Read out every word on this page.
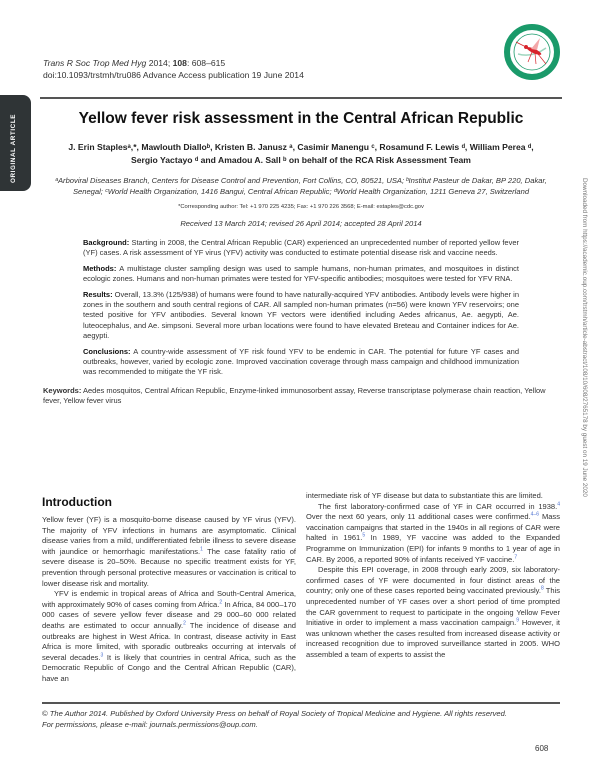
Trans R Soc Trop Med Hyg 2014; 108: 608–615
doi:10.1093/trstmh/tru086 Advance Access publication 19 June 2014
ORIGINAL ARTICLE	Yellow fever risk assessment in the Central African Republic
J. Erin Staplesᵃ,*, Mawlouth Dialloᵇ, Kristen B. Janusz ᵃ, Casimir Manengu ᶜ, Rosamund F. Lewis ᵈ, William Perea ᵈ,
Sergio Yactayo ᵈ and Amadou A. Sall ᵇ on behalf of the RCA Risk Assessment Team
ᵃArboviral Diseases Branch, Centers for Disease Control and Prevention, Fort Collins, CO, 80521, USA; ᵇInstitut Pasteur de Dakar, BP 220, Dakar, Senegal; ᶜWorld Health Organization, 1416 Bangui, Central African Republic; ᵈWorld Health Organization, 1211 Geneva 27, Switzerland
*Corresponding author: Tel: +1 970 225 4235; Fax: +1 970 226 3568; E-mail: estaples@cdc.gov
Received 13 March 2014; revised 26 April 2014; accepted 28 April 2014

Background: Starting in 2008, the Central African Republic (CAR) experienced an unprecedented number of reported yellow fever (YF) cases. A risk assessment of YF virus (YFV) activity was conducted to estimate potential disease risk and vaccine needs.

Methods: A multistage cluster sampling design was used to sample humans, non-human primates, and mosquitoes in distinct ecologic zones. Humans and non-human primates were tested for YFV-specific antibodies; mosquitoes were tested for YFV RNA.

Results: Overall, 13.3% (125/938) of humans were found to have naturally-acquired YFV antibodies. Antibody levels were higher in zones in the southern and south central regions of CAR. All sampled non-human primates (n=56) were known YFV reservoirs; one tested positive for YFV antibodies. Several known YF vectors were identified including Aedes africanus, Ae. aegypti, Ae. luteocephalus, and Ae. simpsoni. Several more urban locations were found to have elevated Breteau and Container indices for Ae. aegypti.

Conclusions: A country-wide assessment of YF risk found YFV to be endemic in CAR. The potential for future YF cases and outbreaks, however, varied by ecologic zone. Improved vaccination coverage through mass campaign and childhood immunization was recommended to mitigate the YF risk.

Keywords: Aedes mosquitos, Central African Republic, Enzyme-linked immunosorbent assay, Reverse transcriptase polymerase chain reaction, Yellow fever, Yellow fever virus
Introduction

Yellow fever (YF) is a mosquito-borne disease caused by YF virus (YFV). The majority of YFV infections in humans are asymptomatic. Clinical disease varies from a mild, undifferentiated febrile illness to severe disease with jaundice or hemorrhagic manifestations.$^1$ The case fatality ratio of severe disease is 20–50%. Because no specific treatment exists for YF, prevention through personal protective measures or vaccination is critical to lower disease risk and mortality.

YFV is endemic in tropical areas of Africa and South-Central America, with approximately 90% of cases coming from Africa.$^2$ In Africa, 84 000–170 000 cases of severe yellow fever disease and 29 000–60 000 related deaths are estimated to occur annually.$^2$ The incidence of disease and outbreaks are highest in West Africa. In contrast, disease activity in East Africa is more limited, with sporadic outbreaks occurring at intervals of several decades.$^3$ It is likely that countries in central Africa, such as the Democratic Republic of Congo and the Central African Republic (CAR), have an

intermediate risk of YF disease but data to substantiate this are limited.

The first laboratory-confirmed case of YF in CAR occurred in 1938.$^4$ Over the next 60 years, only 11 additional cases were confirmed.$^{4-6}$ Mass vaccination campaigns that started in the 1940s in all regions of CAR were halted in 1961.$^5$ In 1989, YF vaccine was added to the Expanded Programme on Immunization (EPI) for infants 9 months to 1 year of age in CAR. By 2006, a reported 90% of infants received YF vaccine.$^7$

Despite this EPI coverage, in 2008 through early 2009, six laboratory-confirmed cases of YF were documented in four distinct areas of the country; only one of these cases reported being vaccinated previously.$^8$ This unprecedented number of YF cases over a short period of time prompted the CAR government to request to participate in the ongoing Yellow Fever Initiative in order to implement a mass vaccination campaign.$^9$ However, it was unknown whether the cases resulted from increased disease activity or increased recognition due to improved surveillance started in 2005. WHO assembled a team of experts to assist the

© The Author 2014. Published by Oxford University Press on behalf of Royal Society of Tropical Medicine and Hygiene. All rights reserved.
For permissions, please e-mail: journals.permissions@oup.com.
608
Downloaded from https://academic.oup.com/trstmh/article-abstract/108/10/608/2765178 by guest on 19 June 2020
